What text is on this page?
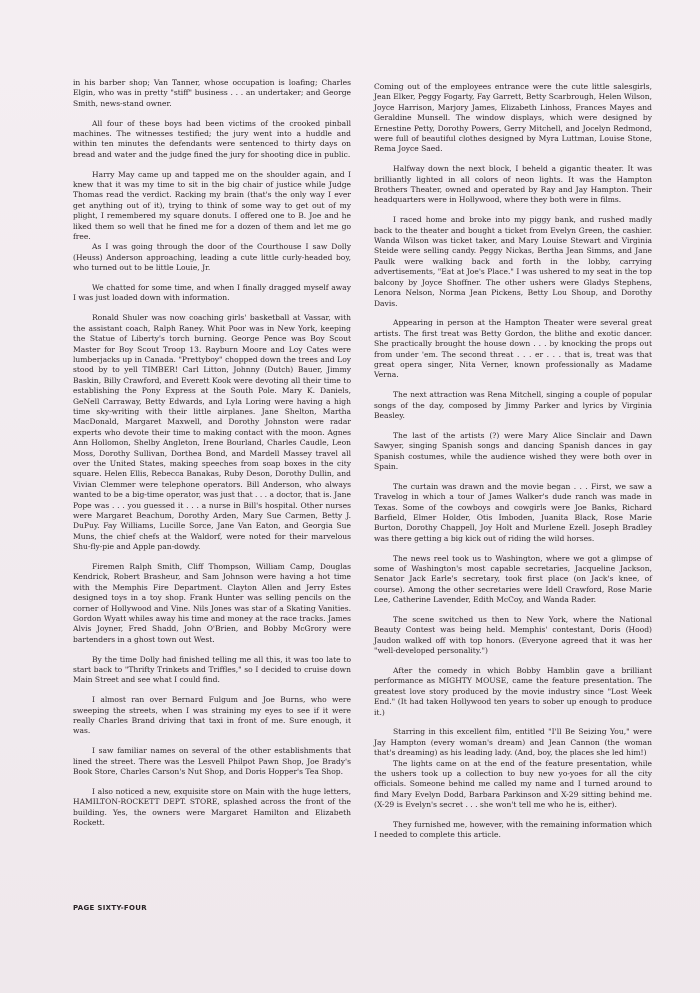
in his barber shop; Van Tanner, whose occupation is loafing; Charles Elgin, who was in pretty "stiff" business . . . an undertaker; and George Smith, news-stand owner.

All four of these boys had been victims of the crooked pinball machines. The witnesses testified; the jury went into a huddle and within ten minutes the defendants were sentenced to thirty days on bread and water and the judge fined the jury for shooting dice in public.

Harry May came up and tapped me on the shoulder again, and I knew that it was my time to sit in the big chair of justice while Judge Thomas read the verdict. Racking my brain (that's the only way I ever get anything out of it), trying to think of some way to get out of my plight, I remembered my square donuts. I offered one to B. Joe and he liked them so well that he fined me for a dozen of them and let me go free.

As I was going through the door of the Courthouse I saw Dolly (Heuss) Anderson approaching, leading a cute little curly-headed boy, who turned out to be little Louie, Jr.

We chatted for some time, and when I finally dragged myself away I was just loaded down with information.

Ronald Shuler was now coaching girls' basketball at Vassar, with the assistant coach, Ralph Raney. Whit Poor was in New York, keeping the Statue of Liberty's torch burning. George Pence was Boy Scout Master for Boy Scout Troop 13. Rayburn Moore and Loy Cates were lumberjacks up in Canada. "Prettyboy" chopped down the trees and Loy stood by to yell TIMBER! Carl Litton, Johnny (Dutch) Bauer, Jimmy Baskin, Billy Crawford, and Everett Kook were devoting all their time to establishing the Pony Express at the South Pole. Mary K. Daniels, GeNell Carraway, Betty Edwards, and Lyla Loring were having a high time sky-writing with their little airplanes. Jane Shelton, Martha MacDonald, Margaret Maxwell, and Dorothy Johnston were radar experts who devote their time to making contact with the moon. Agnes Ann Hollomon, Shelby Angleton, Irene Bourland, Charles Caudle, Leon Moss, Dorothy Sullivan, Dorthea Bond, and Mardell Massey travel all over the United States, making speeches from soap boxes in the city square. Helen Ellis, Rebecca Banakas, Ruby Deson, Dorothy Dullin, and Vivian Clemmer were telephone operators. Bill Anderson, who always wanted to be a big-time operator, was just that . . . a doctor, that is. Jane Pope was . . . you guessed it . . . a nurse in Bill's hospital. Other nurses were Margaret Beachum, Dorothy Arden, Mary Sue Carmen, Betty J. DuPuy. Fay Williams, Lucille Sorce, Jane Van Eaton, and Georgia Sue Muns, the chief chefs at the Waldorf, were noted for their marvelous Shu-fly-pie and Apple pan-dowdy.

Firemen Ralph Smith, Cliff Thompson, William Camp, Douglas Kendrick, Robert Brasheur, and Sam Johnson were having a hot time with the Memphis Fire Department. Clayton Allen and Jerry Estes designed toys in a toy shop. Frank Hunter was selling pencils on the corner of Hollywood and Vine. Nils Jones was star of a Skating Vanities. Gordon Wyatt whiles away his time and money at the race tracks. James Alvis Joyner, Fred Shadd, John O'Brien, and Bobby McGrory were bartenders in a ghost town out West.

By the time Dolly had finished telling me all this, it was too late to start back to "Thrifty Trinkets and Triffles," so I decided to cruise down Main Street and see what I could find.

I almost ran over Bernard Fulgum and Joe Burns, who were sweeping the streets, when I was straining my eyes to see if it were really Charles Brand driving that taxi in front of me. Sure enough, it was.

I saw familiar names on several of the other establishments that lined the street. There was the Lesvell Philpot Pawn Shop, Joe Brady's Book Store, Charles Carson's Nut Shop, and Doris Hopper's Tea Shop.

I also noticed a new, exquisite store on Main with the huge letters, HAMILTON-ROCKETT DEPT. STORE, splashed across the front of the building. Yes, the owners were Margaret Hamilton and Elizabeth Rockett.

Coming out of the employees entrance were the cute little salesgirls, Jean Elker, Peggy Fogarty, Fay Garrett, Betty Scarbrough, Helen Wilson, Joyce Harrison, Marjory James, Elizabeth Linhoss, Frances Mayes and Geraldine Munsell. The window displays, which were designed by Ernestine Petty, Dorothy Powers, Gerry Mitchell, and Jocelyn Redmond, were full of beautiful clothes designed by Myra Luttman, Louise Stone, Rema Joyce Saed.

Halfway down the next block, I beheld a gigantic theater. It was brilliantly lighted in all colors of neon lights. It was the Hampton Brothers Theater, owned and operated by Ray and Jay Hampton. Their headquarters were in Hollywood, where they both were in films.

I raced home and broke into my piggy bank, and rushed madly back to the theater and bought a ticket from Evelyn Green, the cashier. Wanda Wilson was ticket taker, and Mary Louise Stewart and Virginia Steide were selling candy. Peggy Nickas, Bertha Jean Simms, and Jane Paulk were walking back and forth in the lobby, carrying advertisements, "Eat at Joe's Place." I was ushered to my seat in the top balcony by Joyce Shoffner. The other ushers were Gladys Stephens, Lenora Nelson, Norma Jean Pickens, Betty Lou Shoup, and Dorothy Davis.

Appearing in person at the Hampton Theater were several great artists. The first treat was Betty Gordon, the blithe and exotic dancer. She practically brought the house down . . . by knocking the props out from under 'em. The second threat . . . er . . . that is, treat was that great opera singer, Nita Verner, known professionally as Madame Verna.

The next attraction was Rena Mitchell, singing a couple of popular songs of the day, composed by Jimmy Parker and lyrics by Virginia Beasley.

The last of the artists (?) were Mary Alice Sinclair and Dawn Sawyer, singing Spanish songs and dancing Spanish dances in gay Spanish costumes, while the audience wished they were both over in Spain.

The curtain was drawn and the movie began . . . First, we saw a Travelog in which a tour of James Walker's dude ranch was made in Texas. Some of the cowboys and cowgirls were Joe Banks, Richard Barfield, Elmer Holder, Otis Imboden, Juanita Black, Rose Marie Burton, Dorothy Chappell, Joy Holt and Murlene Ezell. Joseph Bradley was there getting a big kick out of riding the wild horses.

The news reel took us to Washington, where we got a glimpse of some of Washington's most capable secretaries, Jacqueline Jackson, Senator Jack Earle's secretary, took first place (on Jack's knee, of course). Among the other secretaries were Idell Crawford, Rose Marie Lee, Catherine Lavender, Edith McCoy, and Wanda Rader.

The scene switched us then to New York, where the National Beauty Contest was being held. Memphis' contestant, Doris (Hood) Jaudon walked off with top honors. (Everyone agreed that it was her "well-developed personality.")

After the comedy in which Bobby Hamblin gave a brilliant performance as MIGHTY MOUSE, came the feature presentation. The greatest love story produced by the movie industry since "Lost Week End." (It had taken Hollywood ten years to sober up enough to produce it.)

Starring in this excellent film, entitled "I'll Be Seizing You," were Jay Hampton (every woman's dream) and Jean Cannon (the woman that's dreaming) as his leading lady. (And, boy, the places she led him!)

The lights came on at the end of the feature presentation, while the ushers took up a collection to buy new yo-yoes for all the city officials. Someone behind me called my name and I turned around to find Mary Evelyn Dodd, Barbara Parkinson and X-29 sitting behind me. (X-29 is Evelyn's secret . . . she won't tell me who he is, either).

They furnished me, however, with the remaining information which I needed to complete this article.

PAGE SIXTY-FOUR
